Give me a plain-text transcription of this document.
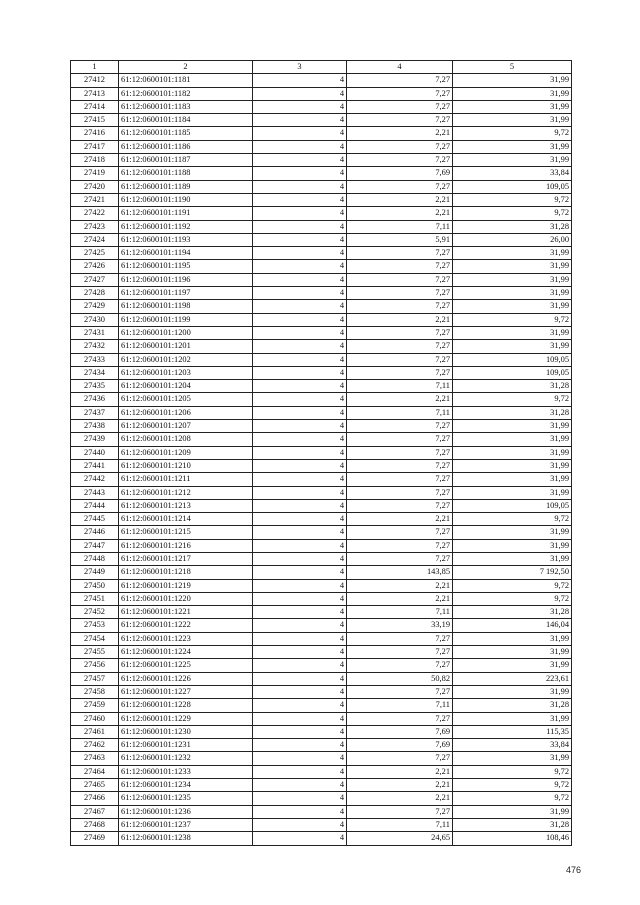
1	2	3	4	5
27412	61:12:0600101:1181	4	7,27	31,99
27413	61:12:0600101:1182	4	7,27	31,99
27414	61:12:0600101:1183	4	7,27	31,99
27415	61:12:0600101:1184	4	7,27	31,99
27416	61:12:0600101:1185	4	2,21	9,72
27417	61:12:0600101:1186	4	7,27	31,99
27418	61:12:0600101:1187	4	7,27	31,99
27419	61:12:0600101:1188	4	7,69	33,84
27420	61:12:0600101:1189	4	7,27	109,05
27421	61:12:0600101:1190	4	2,21	9,72
27422	61:12:0600101:1191	4	2,21	9,72
27423	61:12:0600101:1192	4	7,11	31,28
27424	61:12:0600101:1193	4	5,91	26,00
27425	61:12:0600101:1194	4	7,27	31,99
27426	61:12:0600101:1195	4	7,27	31,99
27427	61:12:0600101:1196	4	7,27	31,99
27428	61:12:0600101:1197	4	7,27	31,99
27429	61:12:0600101:1198	4	7,27	31,99
27430	61:12:0600101:1199	4	2,21	9,72
27431	61:12:0600101:1200	4	7,27	31,99
27432	61:12:0600101:1201	4	7,27	31,99
27433	61:12:0600101:1202	4	7,27	109,05
27434	61:12:0600101:1203	4	7,27	109,05
27435	61:12:0600101:1204	4	7,11	31,28
27436	61:12:0600101:1205	4	2,21	9,72
27437	61:12:0600101:1206	4	7,11	31,28
27438	61:12:0600101:1207	4	7,27	31,99
27439	61:12:0600101:1208	4	7,27	31,99
27440	61:12:0600101:1209	4	7,27	31,99
27441	61:12:0600101:1210	4	7,27	31,99
27442	61:12:0600101:1211	4	7,27	31,99
27443	61:12:0600101:1212	4	7,27	31,99
27444	61:12:0600101:1213	4	7,27	109,05
27445	61:12:0600101:1214	4	2,21	9,72
27446	61:12:0600101:1215	4	7,27	31,99
27447	61:12:0600101:1216	4	7,27	31,99
27448	61:12:0600101:1217	4	7,27	31,99
27449	61:12:0600101:1218	4	143,85	7 192,50
27450	61:12:0600101:1219	4	2,21	9,72
27451	61:12:0600101:1220	4	2,21	9,72
27452	61:12:0600101:1221	4	7,11	31,28
27453	61:12:0600101:1222	4	33,19	146,04
27454	61:12:0600101:1223	4	7,27	31,99
27455	61:12:0600101:1224	4	7,27	31,99
27456	61:12:0600101:1225	4	7,27	31,99
27457	61:12:0600101:1226	4	50,82	223,61
27458	61:12:0600101:1227	4	7,27	31,99
27459	61:12:0600101:1228	4	7,11	31,28
27460	61:12:0600101:1229	4	7,27	31,99
27461	61:12:0600101:1230	4	7,69	115,35
27462	61:12:0600101:1231	4	7,69	33,84
27463	61:12:0600101:1232	4	7,27	31,99
27464	61:12:0600101:1233	4	2,21	9,72
27465	61:12:0600101:1234	4	2,21	9,72
27466	61:12:0600101:1235	4	2,21	9,72
27467	61:12:0600101:1236	4	7,27	31,99
27468	61:12:0600101:1237	4	7,11	31,28
27469	61:12:0600101:1238	4	24,65	108,46
476
